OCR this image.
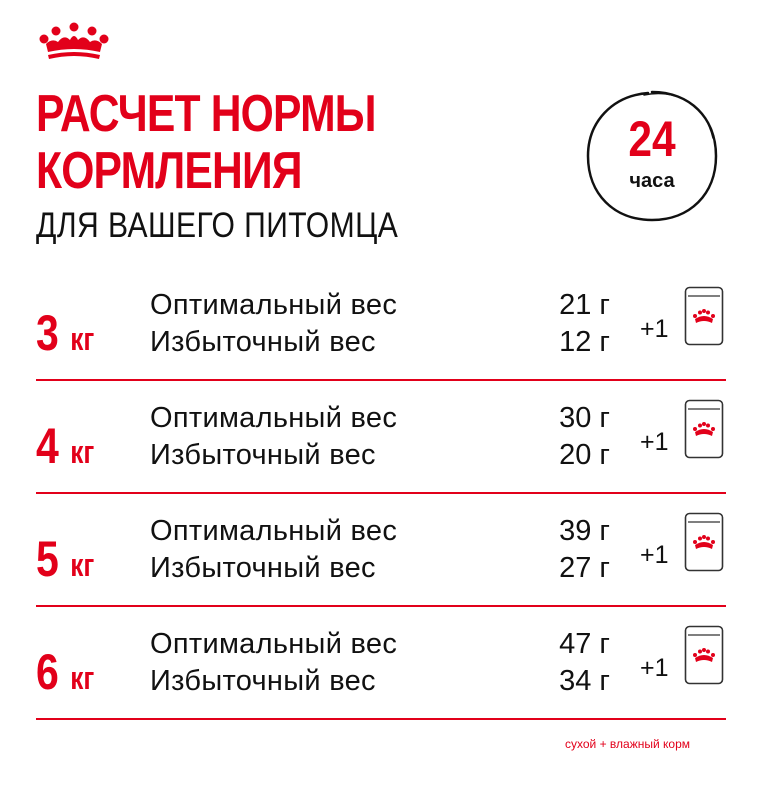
РАСЧЕТ НОРМЫ
КОРМЛЕНИЯ
ДЛЯ ВАШЕГО ПИТОМЦА
24
часа
3 кг
Оптимальный вес
Избыточный вес
21 г
12 г +1
4 кг
Оптимальный вес
Избыточный вес
30 г
20 г +1
5 кг
Оптимальный вес
Избыточный вес
39 г
27 г +1
6 кг
Оптимальный вес
Избыточный вес
47 г
34 г +1
сухой + влажный корм
